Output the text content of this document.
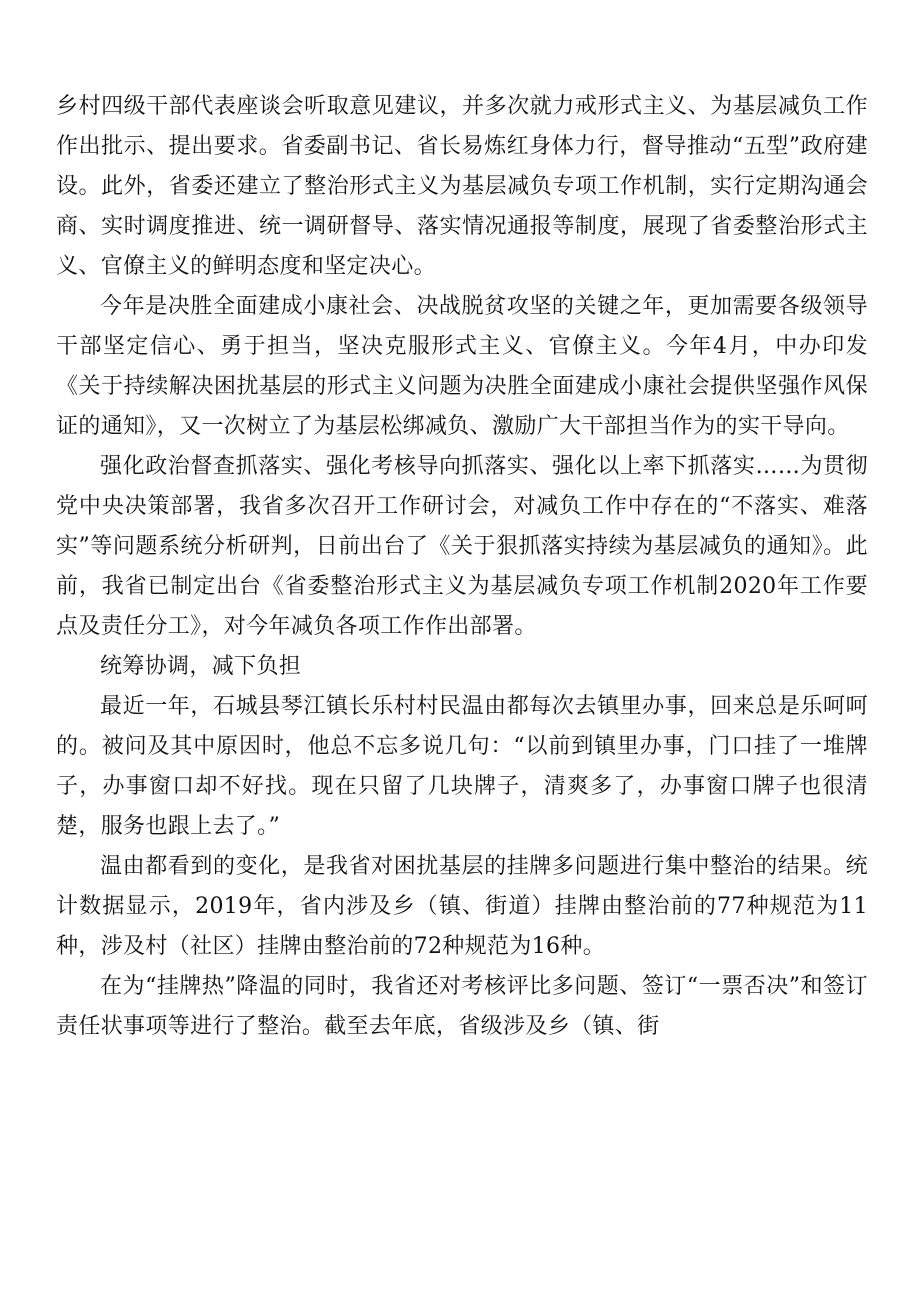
乡村四级干部代表座谈会听取意见建议，并多次就力戒形式主义、为基层减负工作作出批示、提出要求。省委副书记、省长易炼红身体力行，督导推动“五型”政府建设。此外，省委还建立了整治形式主义为基层减负专项工作机制，实行定期沟通会商、实时调度推进、统一调研督导、落实情况通报等制度，展现了省委整治形式主义、官僚主义的鲜明态度和坚定决心。

今年是决胜全面建成小康社会、决战脱贫攻坚的关键之年，更加需要各级领导干部坚定信心、勇于担当，坚决克服形式主义、官僚主义。今年4月，中办印发《关于持续解决困扰基层的形式主义问题为决胜全面建成小康社会提供坚强作风保证的通知》，又一次树立了为基层松绑减负、激励广大干部担当作为的实干导向。

强化政治督查抓落实、强化考核导向抓落实、强化以上率下抓落实……为贯彻党中央决策部署，我省多次召开工作研讨会，对减负工作中存在的“不落实、难落实”等问题系统分析研判，日前出台了《关于狠抓落实持续为基层减负的通知》。此前，我省已制定出台《省委整治形式主义为基层减负专项工作机制2020年工作要点及责任分工》，对今年减负各项工作作出部署。

统筹协调，减下负担

最近一年，石城县琴江镇长乐村村民温由都每次去镇里办事，回来总是乐呵呵的。被问及其中原因时，他总不忘多说几句：“以前到镇里办事，门口挂了一堆牌子，办事窗口却不好找。现在只留了几块牌子，清爽多了，办事窗口牌子也很清楚，服务也跟上去了。”

温由都看到的变化，是我省对困扰基层的挂牌多问题进行集中整治的结果。统计数据显示，2019年，省内涉及乡（镇、街道）挂牌由整治前的77种规范为11种，涉及村（社区）挂牌由整治前的72种规范为16种。

在为“挂牌热”降温的同时，我省还对考核评比多问题、签订“一票否决”和签订责任状事项等进行了整治。截至去年底，省级涉及乡（镇、街
